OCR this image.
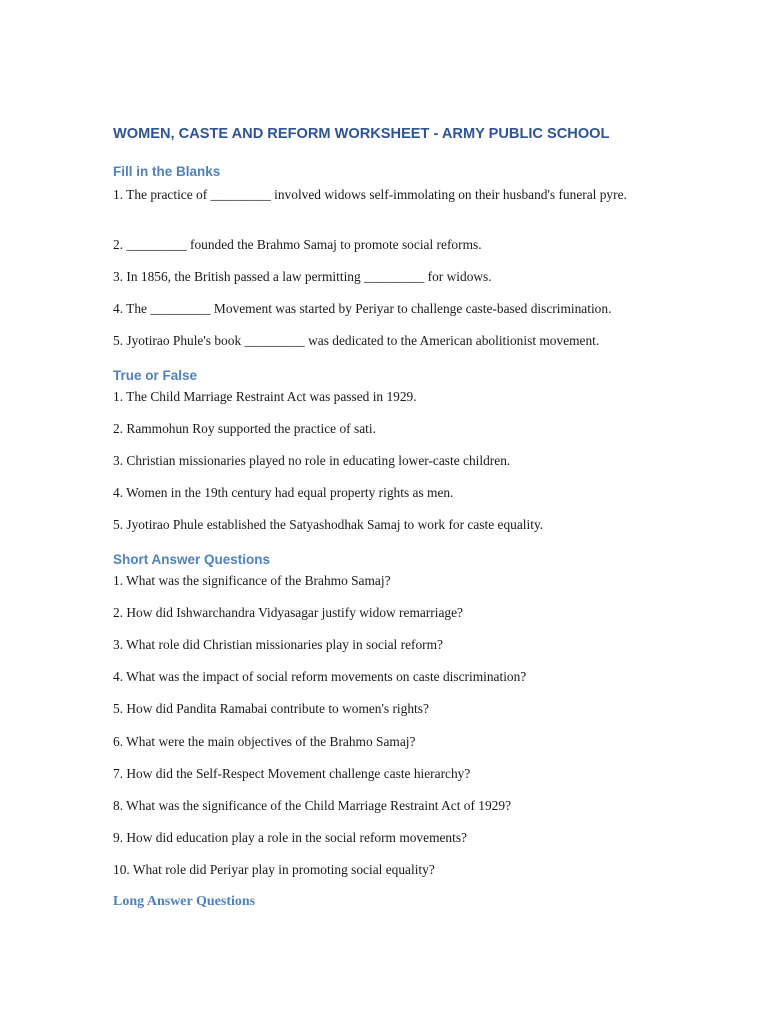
WOMEN, CASTE AND REFORM WORKSHEET - ARMY PUBLIC SCHOOL
Fill in the Blanks

1. The practice of _________ involved widows self-immolating on their husband's funeral pyre.

2. _________ founded the Brahmo Samaj to promote social reforms.

3. In 1856, the British passed a law permitting _________ for widows.

4. The _________ Movement was started by Periyar to challenge caste-based discrimination.

5. Jyotirao Phule's book _________ was dedicated to the American abolitionist movement.

True or False

1. The Child Marriage Restraint Act was passed in 1929.

2. Rammohun Roy supported the practice of sati.

3. Christian missionaries played no role in educating lower-caste children.

4. Women in the 19th century had equal property rights as men.

5. Jyotirao Phule established the Satyashodhak Samaj to work for caste equality.

Short Answer Questions

1. What was the significance of the Brahmo Samaj?

2. How did Ishwarchandra Vidyasagar justify widow remarriage?

3. What role did Christian missionaries play in social reform?

4. What was the impact of social reform movements on caste discrimination?

5. How did Pandita Ramabai contribute to women's rights?

6. What were the main objectives of the Brahmo Samaj?

7. How did the Self-Respect Movement challenge caste hierarchy?

8. What was the significance of the Child Marriage Restraint Act of 1929?

9. How did education play a role in the social reform movements?

10. What role did Periyar play in promoting social equality?

Long Answer Questions
